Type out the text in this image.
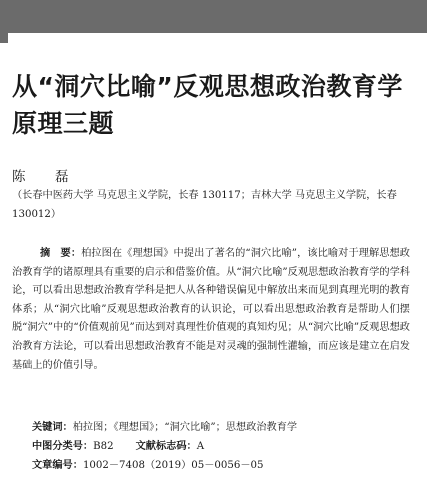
从“洞穴比喻”反观思想政治教育学原理三题
陈　磊
（长春中医药大学 马克思主义学院，长春 130117；吉林大学 马克思主义学院，长春 130012）
摘　要：柏拉图在《理想国》中提出了著名的“洞穴比喻”，该比喻对于理解思想政治教育学的诸原理具有重要的启示和借鉴价值。从“洞穴比喻”反观思想政治教育学的学科论，可以看出思想政治教育学科是把人从各种错误偏见中解放出来而见到真理光明的教育体系；从“洞穴比喻”反观思想政治教育的认识论，可以看出思想政治教育是帮助人们摆脱“洞穴”中的“价值观前见”而达到对真理性价值观的真知灼见；从“洞穴比喻”反观思想政治教育方法论，可以看出思想政治教育不能是对灵魂的强制性灌输，而应该是建立在启发基础上的价值引导。
关键词：柏拉图；《理想国》；“洞穴比喻”；思想政治教育学
中图分类号：B82 文献标志码：A
文章编号：1002－7408（2019）05－0056－05
